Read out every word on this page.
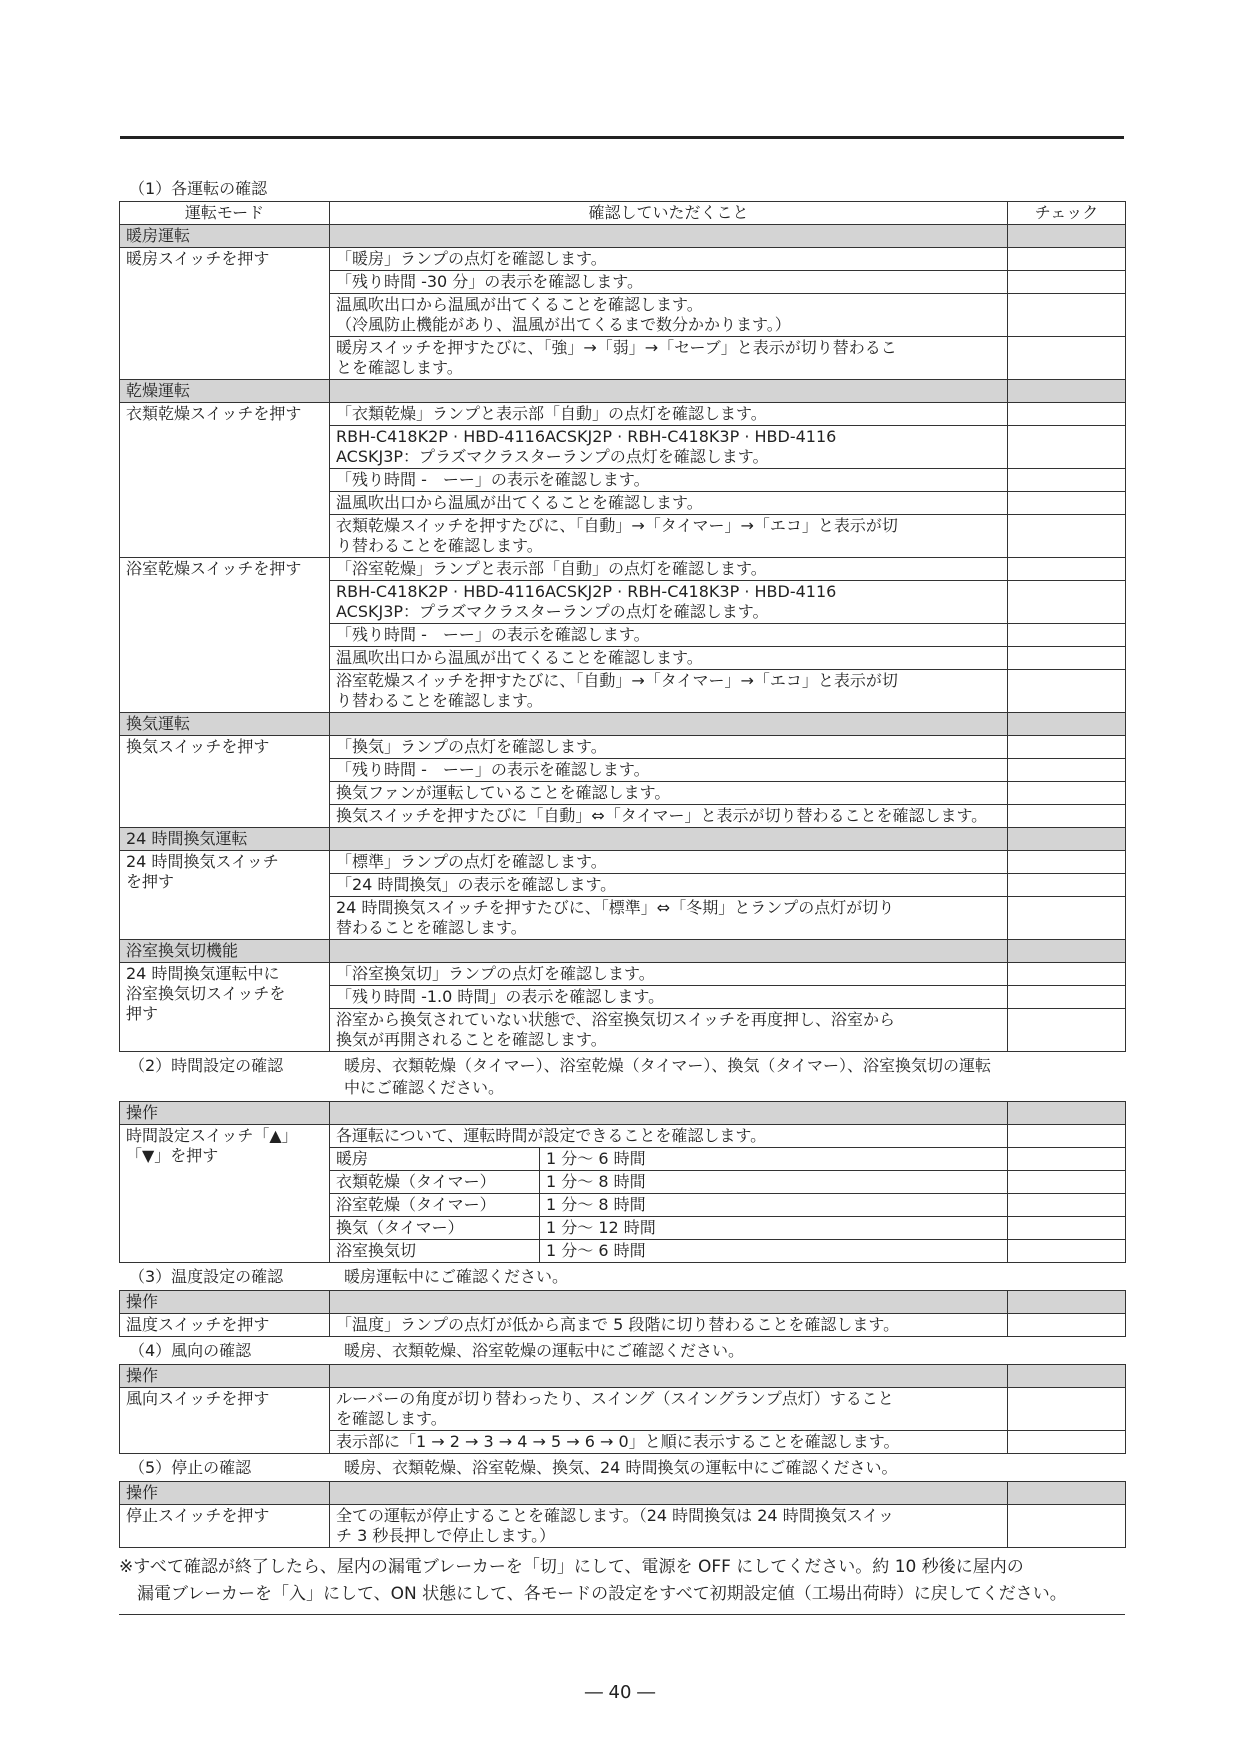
（1）各運転の確認
運転モード	確認していただくこと	チェック
暖房運転		
暖房スイッチを押す	「暖房」ランプの点灯を確認します。	
	「残り時間 -30 分」の表示を確認します。	
	温風吹出口から温風が出てくることを確認します。
（冷風防止機能があり、温風が出てくるまで数分かかります。）	
	暖房スイッチを押すたびに、「強」→「弱」→「セーブ」と表示が切り替わるこ
とを確認します。	
乾燥運転		
衣類乾燥スイッチを押す	「衣類乾燥」ランプと表示部「自動」の点灯を確認します。	
	RBH-C418K2P · HBD-4116ACSKJ2P · RBH-C418K3P · HBD-4116
ACSKJ3P：プラズマクラスターランプの点灯を確認します。	
	「残り時間 -　ーー」の表示を確認します。	
	温風吹出口から温風が出てくることを確認します。	
	衣類乾燥スイッチを押すたびに、「自動」→「タイマー」→「エコ」と表示が切
り替わることを確認します。	
浴室乾燥スイッチを押す	「浴室乾燥」ランプと表示部「自動」の点灯を確認します。	
	RBH-C418K2P · HBD-4116ACSKJ2P · RBH-C418K3P · HBD-4116
ACSKJ3P：プラズマクラスターランプの点灯を確認します。	
	「残り時間 -　ーー」の表示を確認します。	
	温風吹出口から温風が出てくることを確認します。	
	浴室乾燥スイッチを押すたびに、「自動」→「タイマー」→「エコ」と表示が切
り替わることを確認します。	
換気運転		
換気スイッチを押す	「換気」ランプの点灯を確認します。	
	「残り時間 -　ーー」の表示を確認します。	
	換気ファンが運転していることを確認します。	
	換気スイッチを押すたびに「自動」⇔「タイマー」と表示が切り替わることを確認します。	
24 時間換気運転		
24 時間換気スイッチ
を押す	「標準」ランプの点灯を確認します。	
	「24 時間換気」の表示を確認します。	
	24 時間換気スイッチを押すたびに、「標準」⇔「冬期」とランプの点灯が切り
替わることを確認します。	
浴室換気切機能		
24 時間換気運転中に
浴室換気切スイッチを
押す	「浴室換気切」ランプの点灯を確認します。	
	「残り時間 -1.0 時間」の表示を確認します。	
	浴室から換気されていない状態で、浴室換気切スイッチを再度押し、浴室から
換気が再開されることを確認します。	
（2）時間設定の確認	暖房、衣類乾燥（タイマー）、浴室乾燥（タイマー）、換気（タイマー）、浴室換気切の運転
中にご確認ください。
操作		
時間設定スイッチ「▲」
「▼」を押す	各運転について、運転時間が設定できることを確認します。	

暖房	1 分～ 6 時間

衣類乾燥（タイマー）	1 分～ 8 時間

浴室乾燥（タイマー）	1 分～ 8 時間

換気（タイマー）	1 分～ 12 時間

浴室換気切	1 分～ 6 時間

（3）温度設定の確認	暖房運転中にご確認ください。
操作		
温度スイッチを押す	「温度」ランプの点灯が低から高まで 5 段階に切り替わることを確認します。	
（4）風向の確認	暖房、衣類乾燥、浴室乾燥の運転中にご確認ください。
操作		
風向スイッチを押す	ルーバーの角度が切り替わったり、スイング（スイングランプ点灯）すること
を確認します。	
	表示部に「1 → 2 → 3 → 4 → 5 → 6 → 0」と順に表示することを確認します。	
（5）停止の確認	暖房、衣類乾燥、浴室乾燥、換気、24 時間換気の運転中にご確認ください。
操作		
停止スイッチを押す	全ての運転が停止することを確認します。（24 時間換気は 24 時間換気スイッ
チ 3 秒長押しで停止します。）	
※すべて確認が終了したら、屋内の漏電ブレーカーを「切」にして、電源を OFF にしてください。約 10 秒後に屋内の
漏電ブレーカーを「入」にして、ON 状態にして、各モードの設定をすべて初期設定値（工場出荷時）に戻してください。
― 40 ―
